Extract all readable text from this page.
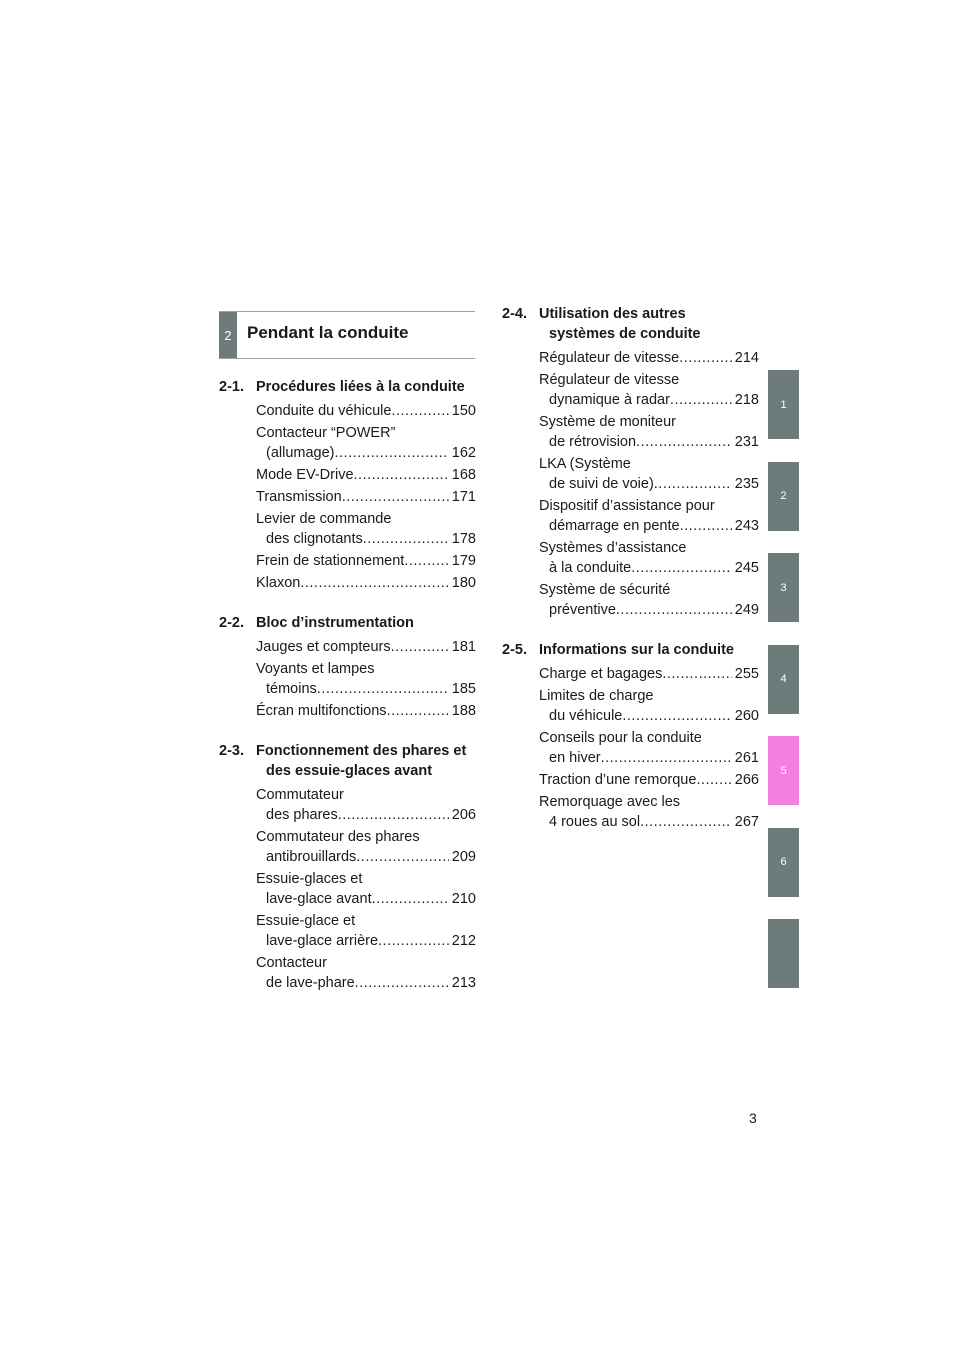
2 Pendant la conduite
2-1. Procédures liées à la conduite
Conduite du véhicule .....	150
Contacteur “POWER”
(allumage) .....	162
Mode EV-Drive .....	168
Transmission .....	171
Levier de commande
des clignotants .....	178
Frein de stationnement .....	179
Klaxon .....	180
2-2. Bloc d’instrumentation
Jauges et compteurs .....	181
Voyants et lampes
témoins .....	185
Écran multifonctions .....	188
2-3. Fonctionnement des phares et
des essuie-glaces avant
Commutateur
des phares .....	206
Commutateur des phares
antibrouillards .....	209
Essuie-glaces et
lave-glace avant .....	210
Essuie-glace et
lave-glace arrière .....	212
Contacteur
de lave-phare .....	213
2-4. Utilisation des autres
systèmes de conduite
Régulateur de vitesse .....	214
Régulateur de vitesse
dynamique à radar .....	218
Système de moniteur
de rétrovision .....	231
LKA (Système
de suivi de voie) .....	235
Dispositif d’assistance pour
démarrage en pente .....	243
Systèmes d’assistance
à la conduite .....	245
Système de sécurité
préventive .....	249
2-5. Informations sur la conduite
Charge et bagages .....	255
Limites de charge
du véhicule .....	260
Conseils pour la conduite
en hiver .....	261
Traction d’une remorque .....	266
Remorquage avec les
4 roues au sol .....	267
1
2
3
4
5
6
3
